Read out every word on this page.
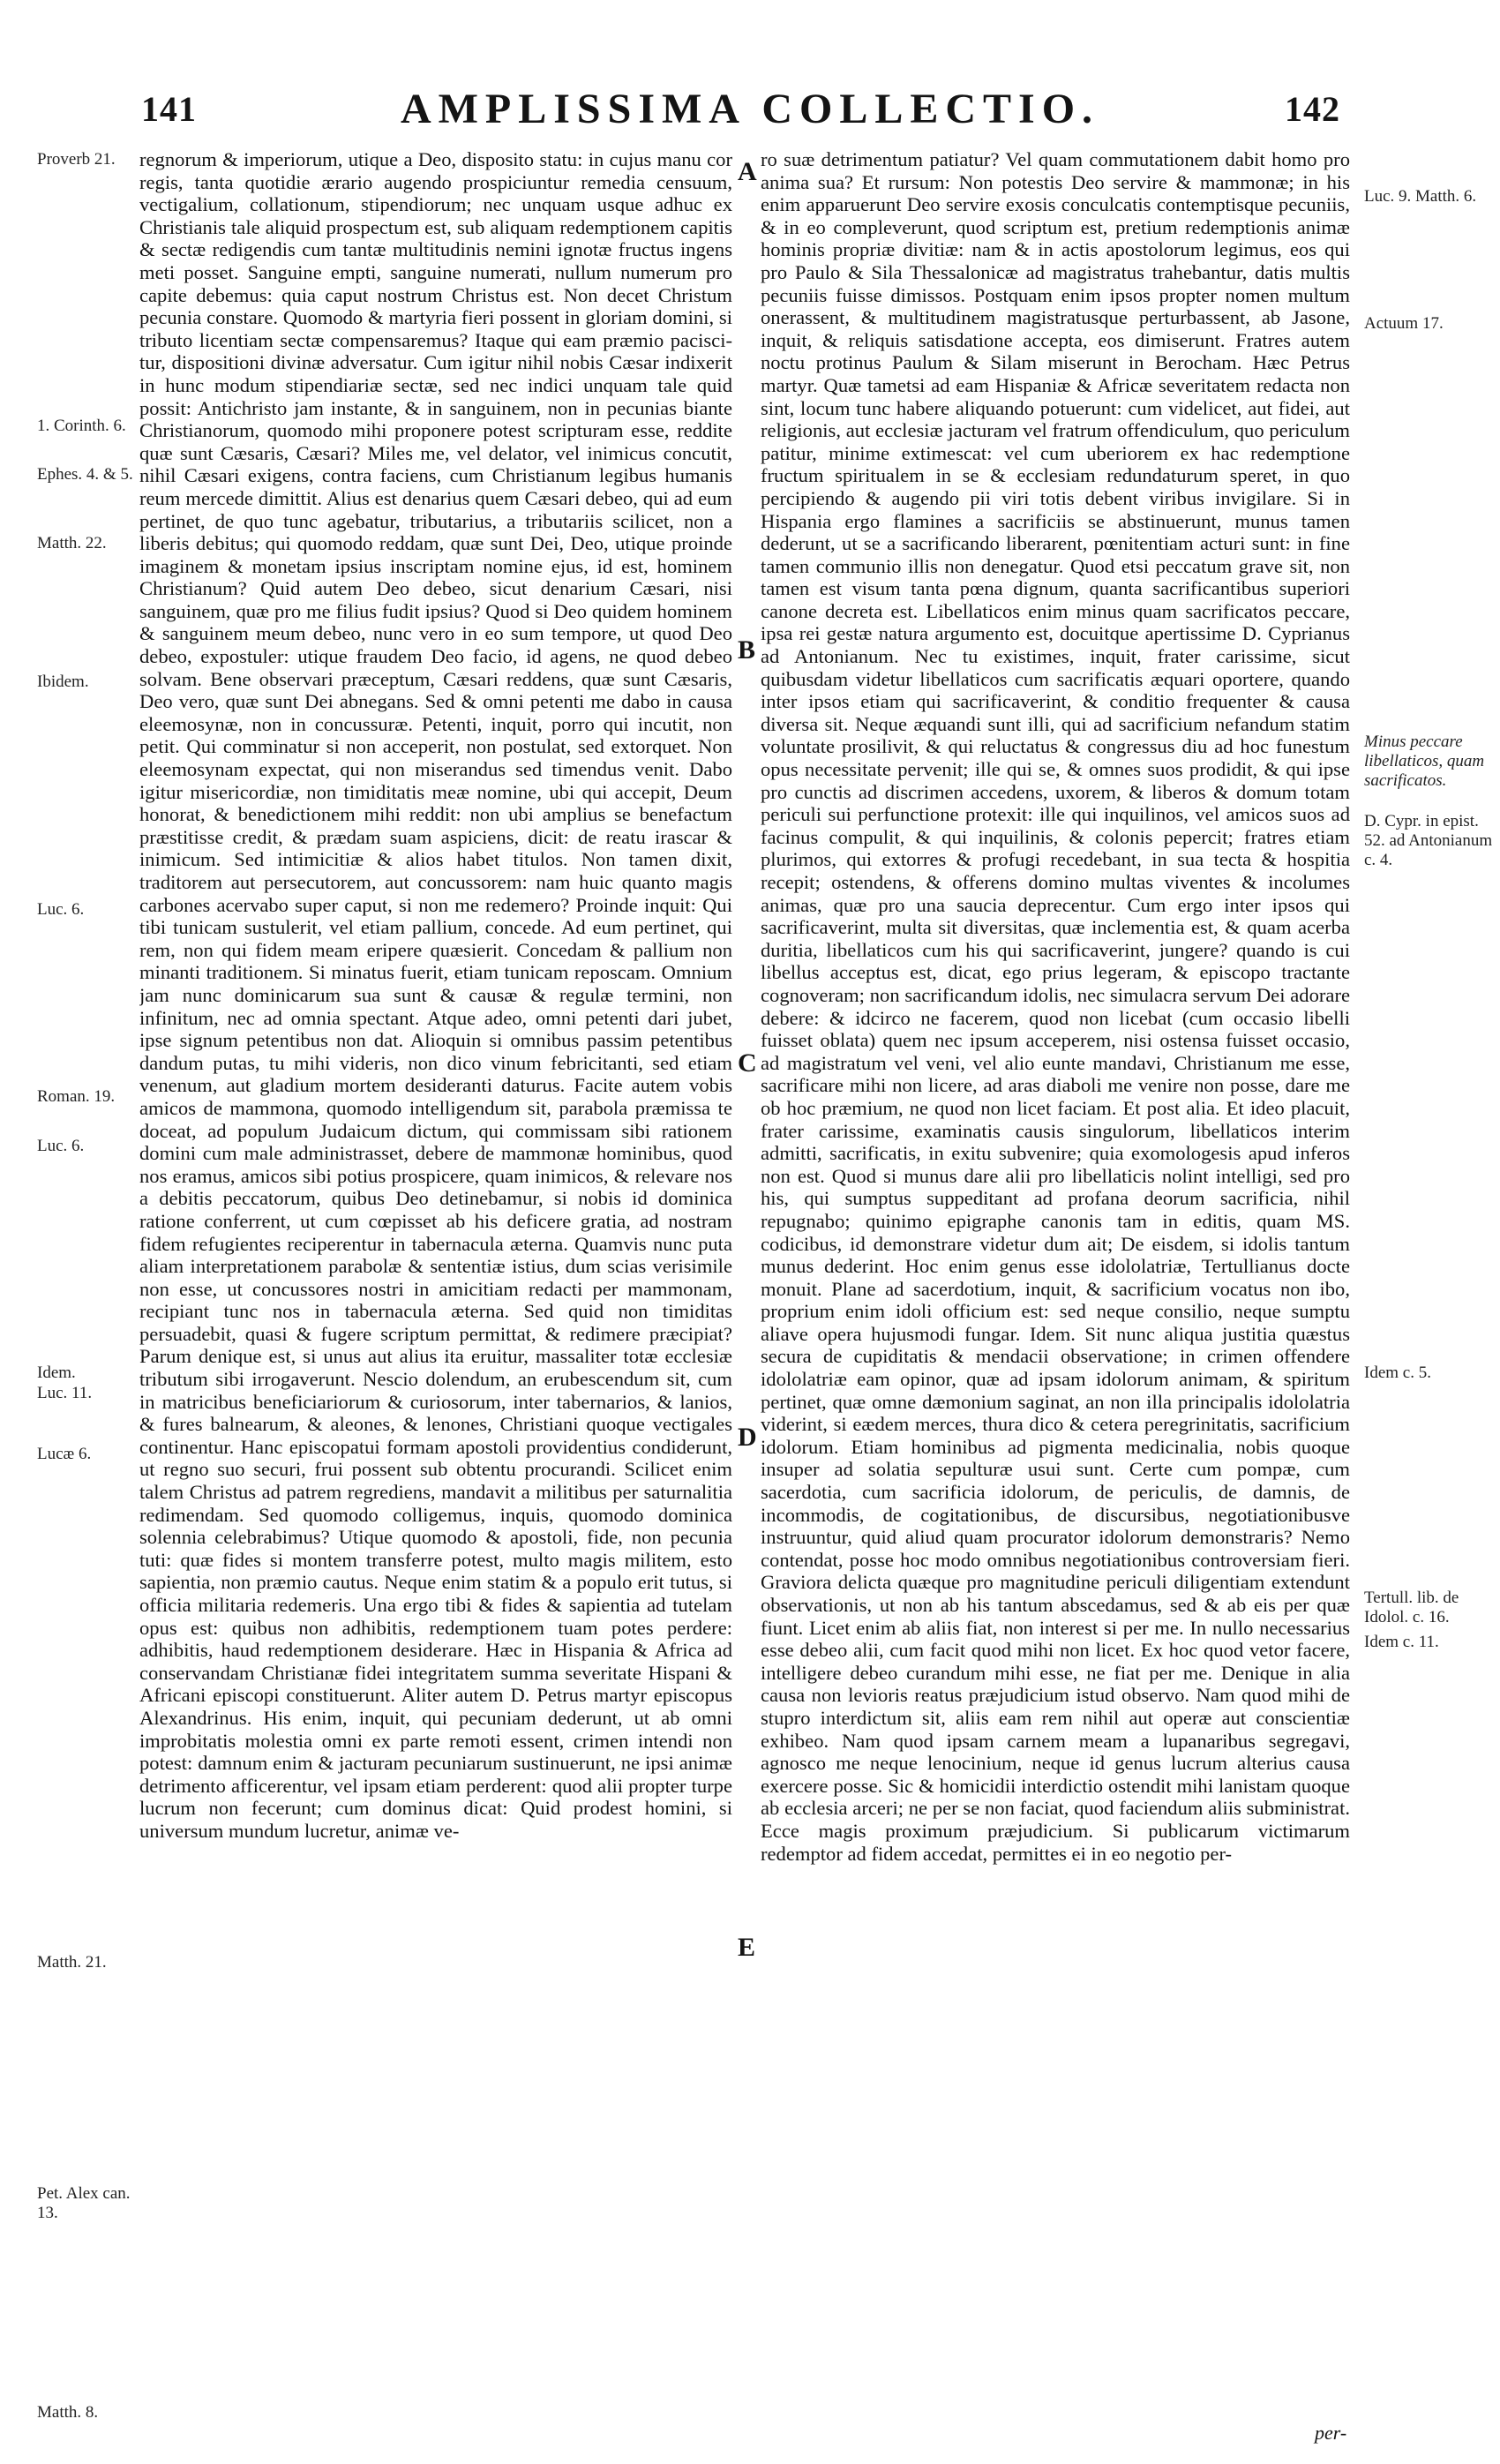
141	AMPLISSIMA COLLECTIO.	142
Proverb 21.
1. Corinth. 6.
Ephes. 4. & 5.
Matth. 22.
Ibidem.
Luc. 6.
Roman. 19.
Luc. 6.
Idem.
Luc. 11.
Lucæ 6.
Matth. 21.
Pet. Alex can. 13.
Matth. 8.
Luc. 9. Matth. 6.
Actuum 17.
Minus peccare libellaticos, quam sacrificatos.
D. Cypr. in epist. 52. ad Antonianum c. 4.
Idem c. 5.
Tertull. lib. de Idolol. c. 16.
Idem c. 11.

regnorum & imperiorum, utique a Deo, disposito statu: in cujus manu cor regis, tanta quotidie ærario augendo prospiciuntur remedia censuum, vectigalium, collationum, stipendiorum; nec unquam usque adhuc ex Christianis tale aliquid prospectum est, sub aliquam redemptionem capitis & sectæ redigendis cum tantæ multitudinis nemini ignotæ fructus ingens meti posset. Sanguine empti, sanguine numerati, nullum numerum pro capite debemus: quia caput nostrum Christus est. Non decet Christum pecunia constare. Quomodo & martyria fieri possent in gloriam domini, si tributo licentiam sectæ compensaremus? Itaque qui eam præmio pacisci-tur, dispositioni divinæ adversatur. Cum igitur nihil nobis Cæsar indixerit in hunc modum stipendiariæ sectæ, sed nec indici unquam tale quid possit: Antichristo jam instante, & in sanguinem, non in pecunias biante Christianorum, quomodo mihi proponere potest scripturam esse, reddite quæ sunt Cæsaris, Cæsari? Miles me, vel delator, vel inimicus concutit, nihil Cæsari exigens, contra faciens, cum Christianum legibus humanis reum mercede dimittit. Alius est denarius quem Cæsari debeo, qui ad eum pertinet, de quo tunc agebatur, tributarius, a tributariis scilicet, non a liberis debitus; qui quomodo reddam, quæ sunt Dei, Deo, utique proinde imaginem & monetam ipsius inscriptam nomine ejus, id est, hominem Christianum? Quid autem Deo debeo, sicut denarium Cæsari, nisi sanguinem, quæ pro me filius fudit ipsius? Quod si Deo quidem hominem & sanguinem meum debeo, nunc vero in eo sum tempore, ut quod Deo debeo, expostuler: utique fraudem Deo facio, id agens, ne quod debeo solvam. Bene observari præceptum, Cæsari reddens, quæ sunt Cæsaris, Deo vero, quæ sunt Dei abnegans. Sed & omni petenti me dabo in causa eleemosynæ, non in concussuræ. Petenti, inquit, porro qui incutit, non petit. Qui comminatur si non acceperit, non postulat, sed extorquet. Non eleemosynam expectat, qui non miserandus sed timendus venit. Dabo igitur misericordiæ, non timiditatis meæ nomine, ubi qui accepit, Deum honorat, & benedictionem mihi reddit: non ubi amplius se benefactum præstitisse credit, & prædam suam aspiciens, dicit: de reatu irascar & inimicum. Sed intimicitiæ & alios habet titulos. Non tamen dixit, traditorem aut persecutorem, aut concussorem: nam huic quanto magis carbones acervabo super caput, si non me redemero? Proinde inquit: Qui tibi tunicam sustulerit, vel etiam pallium, concede. Ad eum pertinet, qui rem, non qui fidem meam eripere quæsierit. Concedam & pallium non minanti traditionem. Si minatus fuerit, etiam tunicam reposcam. Omnium jam nunc dominicarum sua sunt & causæ & regulæ termini, non infinitum, nec ad omnia spectant. Atque adeo, omni petenti dari jubet, ipse signum petentibus non dat. Alioquin si omnibus passim petentibus dandum putas, tu mihi videris, non dico vinum febricitanti, sed etiam venenum, aut gladium mortem desideranti daturus. Facite autem vobis amicos de mammona, quomodo intelligendum sit, parabola præmissa te doceat, ad populum Judaicum dictum, qui commissam sibi rationem domini cum male administrasset, debere de mammonæ hominibus, quod nos eramus, amicos sibi potius prospicere, quam inimicos, & relevare nos a debitis peccatorum, quibus Deo detinebamur, si nobis id dominica ratione conferrent, ut cum cœpisset ab his deficere gratia, ad nostram fidem refugientes reciperentur in tabernacula æterna. Quamvis nunc puta aliam interpretationem parabolæ & sententiæ istius, dum scias verisimile non esse, ut concussores nostri in amicitiam redacti per mammonam, recipiant tunc nos in tabernacula æterna. Sed quid non timiditas persuadebit, quasi & fugere scriptum permittat, & redimere præcipiat? Parum denique est, si unus aut alius ita eruitur, massaliter totæ ecclesiæ tributum sibi irrogaverunt. Nescio dolendum, an erubescendum sit, cum in matricibus beneficiariorum & curiosorum, inter tabernarios, & lanios, & fures balnearum, & aleones, & lenones, Christiani quoque vectigales continentur. Hanc episcopatui formam apostoli providentius condiderunt, ut regno suo securi, frui possent sub obtentu procurandi. Scilicet enim talem Christus ad patrem regrediens, mandavit a militibus per saturnalitia redimendam. Sed quomodo colligemus, inquis, quomodo dominica solennia celebrabimus? Utique quomodo & apostoli, fide, non pecunia tuti: quæ fides si montem transferre potest, multo magis militem, esto sapientia, non præmio cautus. Neque enim statim & a populo erit tutus, si officia militaria redemeris. Una ergo tibi & fides & sapientia ad tutelam opus est: quibus non adhibitis, redemptionem tuam potes perdere: adhibitis, haud redemptionem desiderare. Hæc in Hispania & Africa ad conservandam Christianæ fidei integritatem summa severitate Hispani & Africani episcopi constituerunt. Aliter autem D. Petrus martyr episcopus Alexandrinus. His enim, inquit, qui pecuniam dederunt, ut ab omni improbitatis molestia omni ex parte remoti essent, crimen intendi non potest: damnum enim & jacturam pecuniarum sustinuerunt, ne ipsi animæ detrimento afficerentur, vel ipsam etiam perderent: quod alii propter turpe lucrum non fecerunt; cum dominus dicat: Quid prodest homini, si universum mundum lucretur, animæ ve-

A
B
C
D
E

ro suæ detrimentum patiatur? Vel quam commutationem dabit homo pro anima sua? Et rursum: Non potestis Deo servire & mammonæ; in his enim apparuerunt Deo servire exosis conculcatis contemptisque pecuniis, & in eo compleverunt, quod scriptum est, pretium redemptionis animæ hominis propriæ divitiæ: nam & in actis apostolorum legimus, eos qui pro Paulo & Sila Thessalonicæ ad magistratus trahebantur, datis multis pecuniis fuisse dimissos. Postquam enim ipsos propter nomen multum onerassent, & multitudinem magistratusque perturbassent, ab Jasone, inquit, & reliquis satisdatione accepta, eos dimiserunt. Fratres autem noctu protinus Paulum & Silam miserunt in Berocham. Hæc Petrus martyr. Quæ tametsi ad eam Hispaniæ & Africæ severitatem redacta non sint, locum tunc habere aliquando potuerunt: cum videlicet, aut fidei, aut religionis, aut ecclesiæ jacturam vel fratrum offendiculum, quo periculum patitur, minime extimescat: vel cum uberiorem ex hac redemptione fructum spiritualem in se & ecclesiam redundaturum speret, in quo percipiendo & augendo pii viri totis debent viribus invigilare. Si in Hispania ergo flamines a sacrificiis se abstinuerunt, munus tamen dederunt, ut se a sacrificando liberarent, pœnitentiam acturi sunt: in fine tamen communio illis non denegatur. Quod etsi peccatum grave sit, non tamen est visum tanta pœna dignum, quanta sacrificantibus superiori canone decreta est. Libellaticos enim minus quam sacrificatos peccare, ipsa rei gestæ natura argumento est, docuitque apertissime D. Cyprianus ad Antonianum. Nec tu existimes, inquit, frater carissime, sicut quibusdam videtur libellaticos cum sacrificatis æquari oportere, quando inter ipsos etiam qui sacrificaverint, & conditio frequenter & causa diversa sit. Neque æquandi sunt illi, qui ad sacrificium nefandum statim voluntate prosilivit, & qui reluctatus & congressus diu ad hoc funestum opus necessitate pervenit; ille qui se, & omnes suos prodidit, & qui ipse pro cunctis ad discrimen accedens, uxorem, & liberos & domum totam periculi sui perfunctione protexit: ille qui inquilinos, vel amicos suos ad facinus compulit, & qui inquilinis, & colonis pepercit; fratres etiam plurimos, qui extorres & profugi recedebant, in sua tecta & hospitia recepit; ostendens, & offerens domino multas viventes & incolumes animas, quæ pro una saucia deprecentur. Cum ergo inter ipsos qui sacrificaverint, multa sit diversitas, quæ inclementia est, & quam acerba duritia, libellaticos cum his qui sacrificaverint, jungere? quando is cui libellus acceptus est, dicat, ego prius legeram, & episcopo tractante cognoveram; non sacrificandum idolis, nec simulacra servum Dei adorare debere: & idcirco ne facerem, quod non licebat (cum occasio libelli fuisset oblata) quem nec ipsum acceperem, nisi ostensa fuisset occasio, ad magistratum vel veni, vel alio eunte mandavi, Christianum me esse, sacrificare mihi non licere, ad aras diaboli me venire non posse, dare me ob hoc præmium, ne quod non licet faciam. Et post alia. Et ideo placuit, frater carissime, examinatis causis singulorum, libellaticos interim admitti, sacrificatis, in exitu subvenire; quia exomologesis apud inferos non est. Quod si munus dare alii pro libellaticis nolint intelligi, sed pro his, qui sumptus suppeditant ad profana deorum sacrificia, nihil repugnabo; quinimo epigraphe canonis tam in editis, quam MS. codicibus, id demonstrare videtur dum ait; De eisdem, si idolis tantum munus dederint. Hoc enim genus esse idololatriæ, Tertullianus docte monuit. Plane ad sacerdotium, inquit, & sacrificium vocatus non ibo, proprium enim idoli officium est: sed neque consilio, neque sumptu aliave opera hujusmodi fungar. Idem. Sit nunc aliqua justitia quæstus secura de cupiditatis & mendacii observatione; in crimen offendere idololatriæ eam opinor, quæ ad ipsam idolorum animam, & spiritum pertinet, quæ omne dæmonium saginat, an non illa principalis idololatria viderint, si eædem merces, thura dico & cetera peregrinitatis, sacrificium idolorum. Etiam hominibus ad pigmenta medicinalia, nobis quoque insuper ad solatia sepulturæ usui sunt. Certe cum pompæ, cum sacerdotia, cum sacrificia idolorum, de periculis, de damnis, de incommodis, de cogitationibus, de discursibus, negotiationibusve instruuntur, quid aliud quam procurator idolorum demonstraris? Nemo contendat, posse hoc modo omnibus negotiationibus controversiam fieri. Graviora delicta quæque pro magnitudine periculi diligentiam extendunt observationis, ut non ab his tantum abscedamus, sed & ab eis per quæ fiunt. Licet enim ab aliis fiat, non interest si per me. In nullo necessarius esse debeo alii, cum facit quod mihi non licet. Ex hoc quod vetor facere, intelligere debeo curandum mihi esse, ne fiat per me. Denique in alia causa non levioris reatus præjudicium istud observo. Nam quod mihi de stupro interdictum sit, aliis eam rem nihil aut operæ aut conscientiæ exhibeo. Nam quod ipsam carnem meam a lupanaribus segregavi, agnosco me neque lenocinium, neque id genus lucrum alterius causa exercere posse. Sic & homicidii interdictio ostendit mihi lanistam quoque ab ecclesia arceri; ne per se non faciat, quod faciendum aliis subministrat. Ecce magis proximum præjudicium. Si publicarum victimarum redemptor ad fidem accedat, permittes ei in eo negotio per-

per-
